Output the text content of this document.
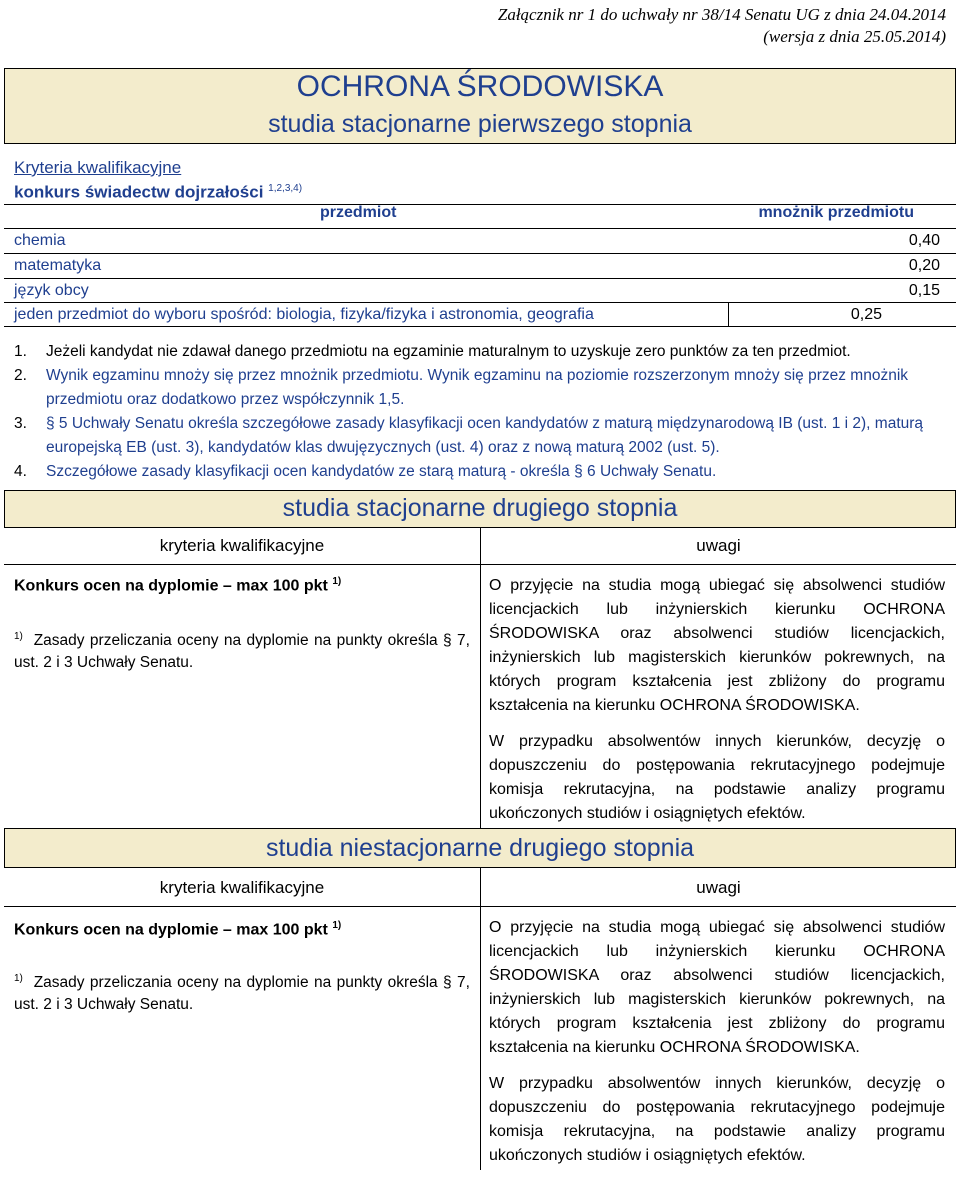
Załącznik nr 1 do uchwały nr 38/14 Senatu UG z dnia 24.04.2014
(wersja z dnia 25.05.2014)
OCHRONA ŚRODOWISKA
studia stacjonarne pierwszego stopnia
Kryteria kwalifikacyjne
konkurs świadectw dojrzałości $^{1,2,3,4)}$
przedmiot	mnożnik przedmiotu
chemia	0,40
matematyka	0,20
język obcy	0,15
jeden przedmiot do wyboru spośród: biologia, fizyka/fizyka i astronomia, geografia	0,25
1. Jeżeli kandydat nie zdawał danego przedmiotu na egzaminie maturalnym to uzyskuje zero punktów za ten przedmiot.
2. Wynik egzaminu mnoży się przez mnożnik przedmiotu. Wynik egzaminu na poziomie rozszerzonym mnoży się przez mnożnik przedmiotu oraz dodatkowo przez współczynnik 1,5.
3. § 5 Uchwały Senatu określa szczegółowe zasady klasyfikacji ocen kandydatów z maturą międzynarodową IB (ust. 1 i 2), maturą europejską EB (ust. 3), kandydatów klas dwujęzycznych (ust. 4) oraz z nową maturą 2002 (ust. 5).
4. Szczegółowe zasady klasyfikacji ocen kandydatów ze starą maturą - określa § 6 Uchwały Senatu.
studia stacjonarne drugiego stopnia
kryteria kwalifikacyjne	uwagi
Konkurs ocen na dyplomie – max 100 pkt $^{1)}$
$^{1)}$ Zasady przeliczania oceny na dyplomie na punkty określa § 7, ust. 2 i 3 Uchwały Senatu.

O przyjęcie na studia mogą ubiegać się absolwenci studiów licencjackich lub inżynierskich kierunku OCHRONA ŚRODOWISKA oraz absolwenci studiów licencjackich, inżynierskich lub magisterskich kierunków pokrewnych, na których program kształcenia jest zbliżony do programu kształcenia na kierunku OCHRONA ŚRODOWISKA.

W przypadku absolwentów innych kierunków, decyzję o dopuszczeniu do postępowania rekrutacyjnego podejmuje komisja rekrutacyjna, na podstawie analizy programu ukończonych studiów i osiągniętych efektów.

studia niestacjonarne drugiego stopnia
kryteria kwalifikacyjne	uwagi
Konkurs ocen na dyplomie – max 100 pkt $^{1)}$
$^{1)}$ Zasady przeliczania oceny na dyplomie na punkty określa § 7, ust. 2 i 3 Uchwały Senatu.

O przyjęcie na studia mogą ubiegać się absolwenci studiów licencjackich lub inżynierskich kierunku OCHRONA ŚRODOWISKA oraz absolwenci studiów licencjackich, inżynierskich lub magisterskich kierunków pokrewnych, na których program kształcenia jest zbliżony do programu kształcenia na kierunku OCHRONA ŚRODOWISKA.

W przypadku absolwentów innych kierunków, decyzję o dopuszczeniu do postępowania rekrutacyjnego podejmuje komisja rekrutacyjna, na podstawie analizy programu ukończonych studiów i osiągniętych efektów.
